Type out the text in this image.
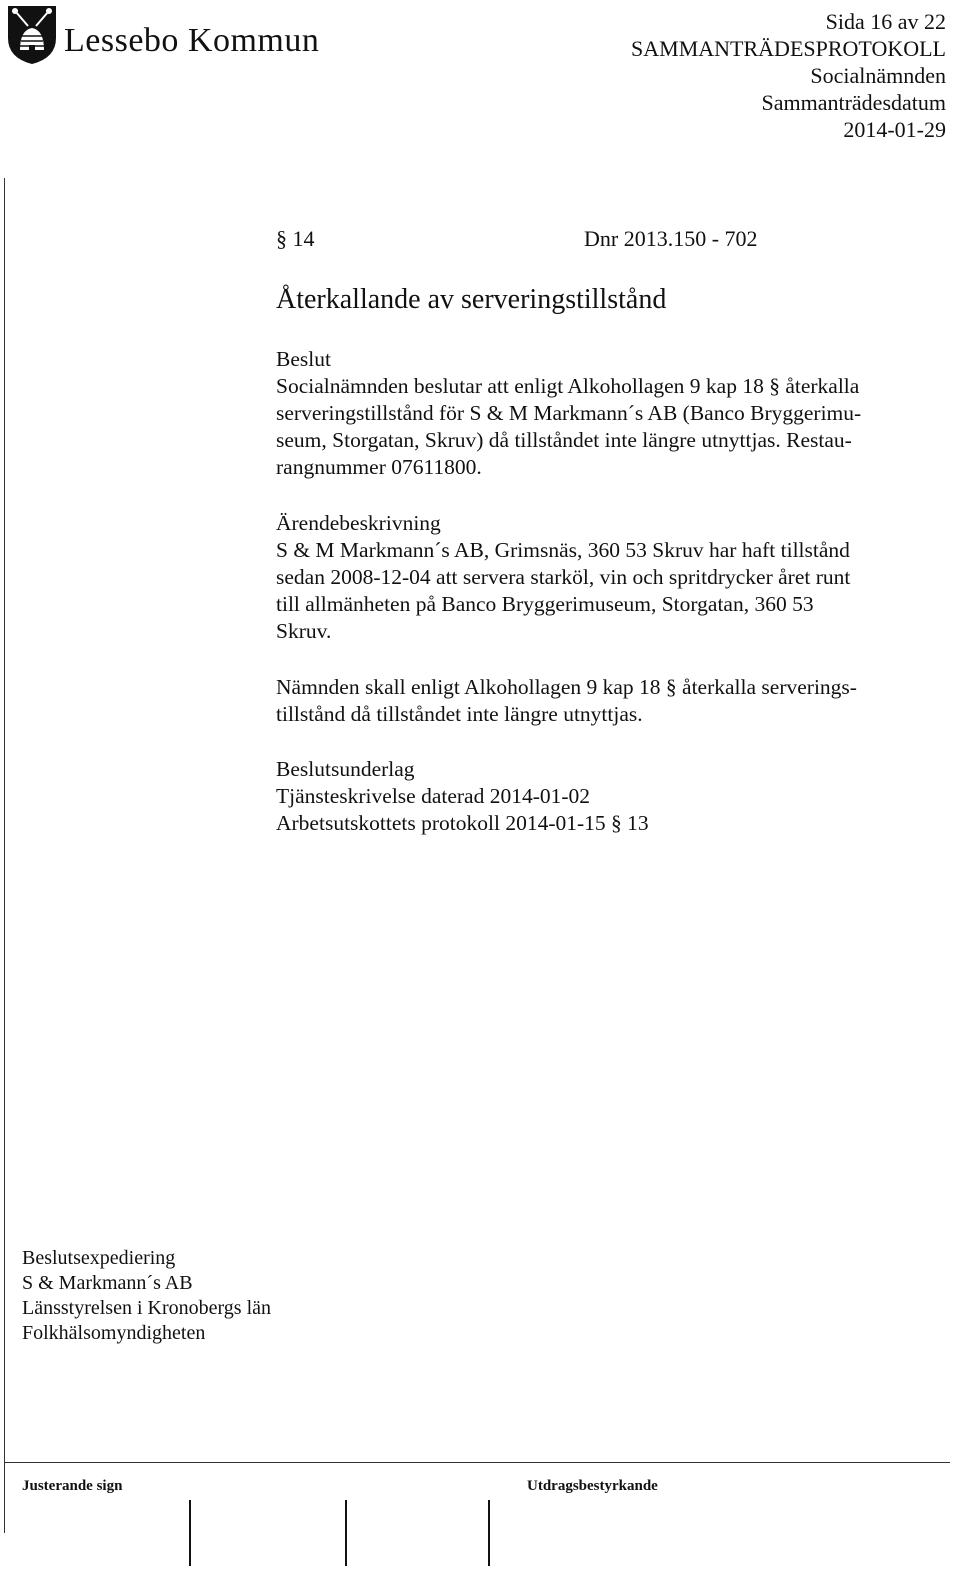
Lessebo Kommun
Sida 16 av 22
SAMMANTRÄDESPROTOKOLL
Socialnämnden
Sammanträdesdatum
2014-01-29
§ 14	Dnr 2013.150 - 702
Återkallande av serveringstillstånd
Beslut
Socialnämnden beslutar att enligt Alkohollagen 9 kap 18 § återkalla
serveringstillstånd för S & M Markmann´s AB (Banco Bryggerimu-
seum, Storgatan, Skruv) då tillståndet inte längre utnyttjas. Restau-
rangnummer 07611800.
Ärendebeskrivning
S & M Markmann´s AB, Grimsnäs, 360 53 Skruv har haft tillstånd
sedan 2008-12-04 att servera starköl, vin och spritdrycker året runt
till allmänheten på Banco Bryggerimuseum, Storgatan, 360 53
Skruv.
Nämnden skall enligt Alkohollagen 9 kap 18 § återkalla serverings-
tillstånd då tillståndet inte längre utnyttjas.
Beslutsunderlag
Tjänsteskrivelse daterad 2014-01-02
Arbetsutskottets protokoll 2014-01-15 § 13
Beslutsexpediering
S & Markmann´s AB
Länsstyrelsen i Kronobergs län
Folkhälsomyndigheten
Justerande sign	Utdragsbestyrkande
